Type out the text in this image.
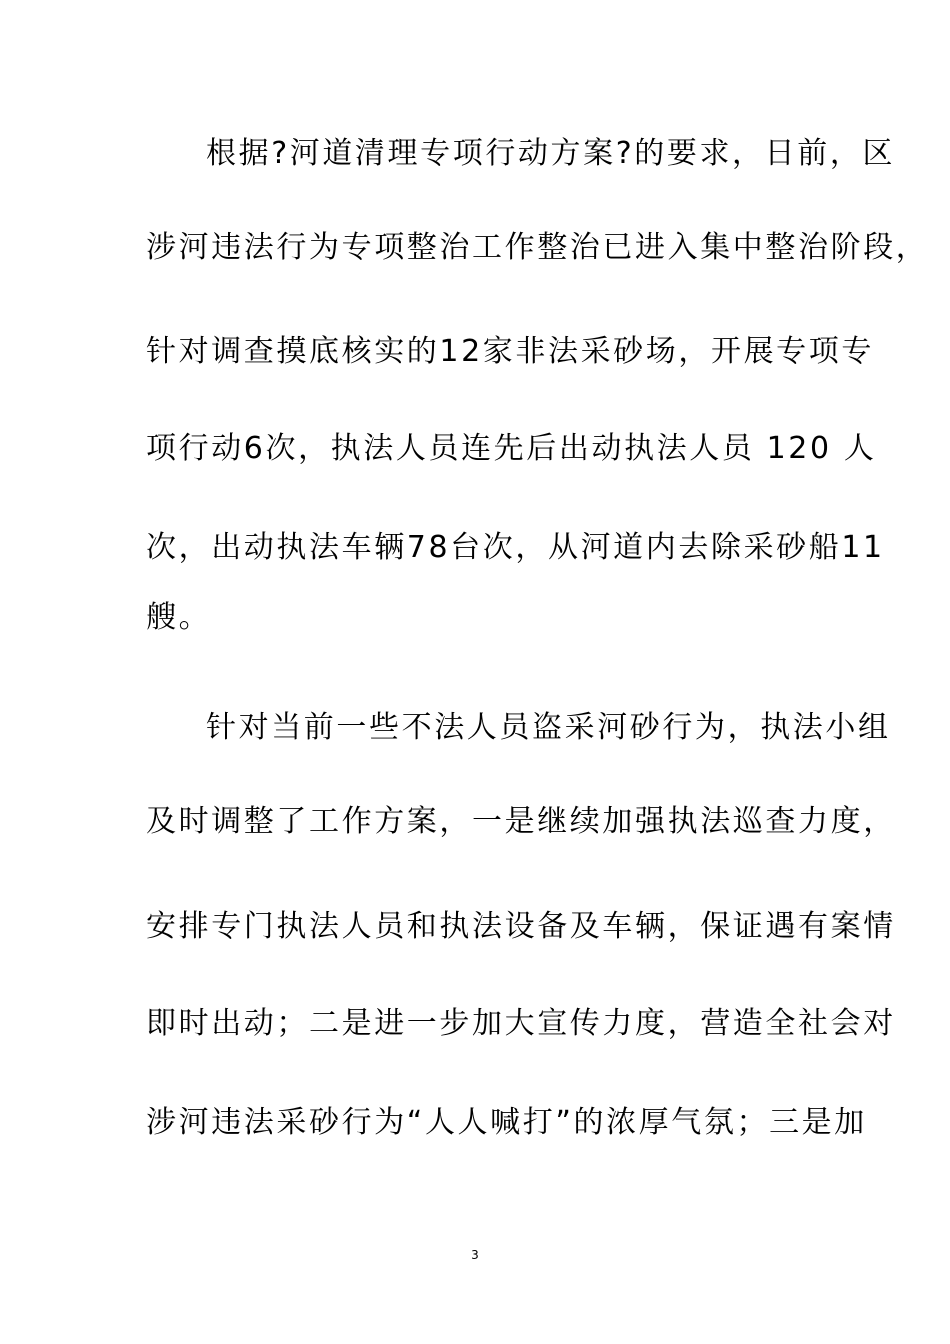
根据?河道清理专项行动方案?的要求，日前，区
涉河违法行为专项整治工作整治已进入集中整治阶段，
针对调查摸底核实的12家非法采砂场，开展专项专
项行动6次，执法人员连先后出动执法人员 120 人
次，出动执法车辆78台次，从河道内去除采砂船11
艘。
针对当前一些不法人员盗采河砂行为，执法小组
及时调整了工作方案，一是继续加强执法巡查力度，
安排专门执法人员和执法设备及车辆，保证遇有案情
即时出动；二是进一步加大宣传力度，营造全社会对
涉河违法采砂行为“人人喊打”的浓厚气氛；三是加
3
